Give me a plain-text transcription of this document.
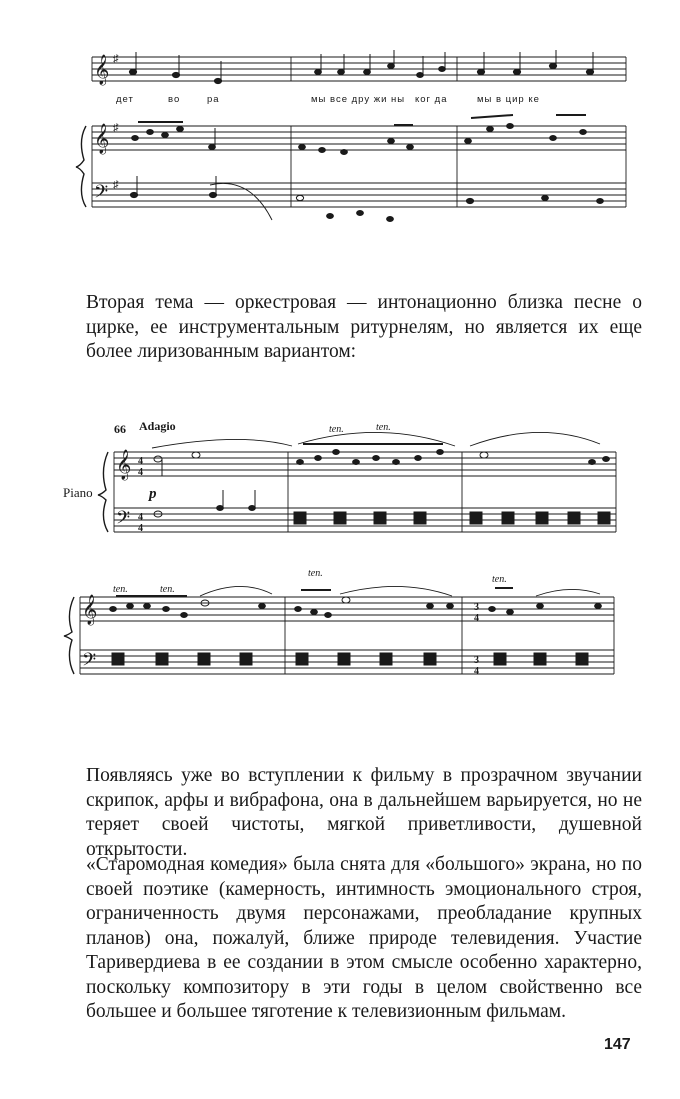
𝄞
𝄞
𝄢
♯
♯
♯
дет	во	ра	мы все дру жи ны ког да	мы в цир ке

Вторая тема — оркестровая — интонационно близка песне о цирке, ее инструментальным ритурнелям, но является их еще более лиризованным вариантом:

66 Adagio
Piano	p
𝄞
𝄢
𝄞
𝄢
4
4
4
4
ten.	ten.
ten.	ten.
ten.
ten.
3
4
3
4

Появляясь уже во вступлении к фильму в прозрачном звучании скрипок, арфы и вибрафона, она в дальнейшем варьируется, но не теряет своей чистоты, мягкой приветливости, душевной открытости.

«Старомодная комедия» была снята для «большого» экрана, но по своей поэтике (камерность, интимность эмоционального строя, ограниченность двумя персонажами, преобладание крупных планов) она, пожалуй, ближе природе телевидения. Участие Таривердиева в ее создании в этом смысле особенно характерно, поскольку композитору в эти годы в целом свойственно все большее и большее тяготение к телевизионным фильмам.

147
